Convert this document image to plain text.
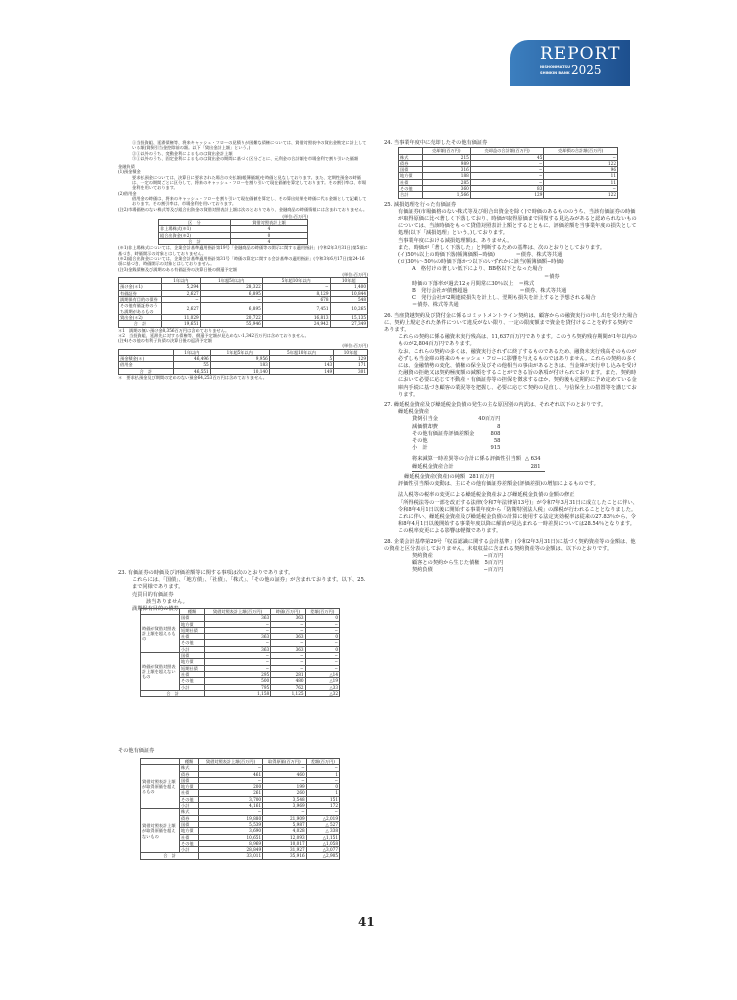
REPORT
NISHONMATSU
SHINKIN BANK 2025

①当投資組、延滞債権等、将来キャッシュ・フローの見積りが困難な債権については、貸借対照表中の貸出金勘定に計上している額(貸倒引当金控除前の額。以下「貸出金計上額」という。)

②①以外のうち、変動金利によるものは貸出金計上額

③①以外のうち、固定金利によるものは貸出金の期間に基づく区分ごとに、元利金の合計額を市場金利で割り引いた価額

金融負債

(1)預金積金

要求払預金については、決算日に要求された場合の支払額(帳簿価額)を時価と見なしております。また、定期性預金の時価は、一定の期間ごとに区分して、将来のキャッシュ・フローを割り引いて現在価値を算定しております。その割引率は、市場金利を用いております。

(2)借用金

借用金の時価は、将来のキャッシュ・フローを割り引いて現在価値を算定し、その算出結果を時価に代る金額として記載しております。その割引率は、市場金利を用いております。

(注2)市場価格のない株式等及び組合出資金の貸借対照表計上額は次のとおりであり、金融商品の時価情報には含まれておりません。

(単位:百万円)
区　分	貸借対照表計上額
非上場株式(※1)	4
組合出資金(※2)	0
合　計	4

(※1)非上場株式については、企業会計基準適用指針第19号「金融商品の時価等の開示に関する適用指針」(令和2年3月31日)第5項に基づき、時価開示の対象とはしておりません。

(※2)組合出資金については、企業会計基準適用指針第31号「時価の算定に関する会計基準の適用指針」(令和3年6月17日)第24-16項に基づき、時価開示の対象とはしておりません。

(注3)金銭債権及び満期のある有価証券の決算日後の償還予定額

(単位:百万円)
	1年以内	1年超5年以内	5年超10年以内	10年超
預け金(＊1)	5,294	28,322	−	1,400
有価証券	2,627	6,895	8,129	10,844
満期保有目的の債券	−	−	678	548
その他有価証券のうち満期があるもの	2,627	6,895	7,451	10,265
貸出金(＊2)	11,029	20,722	16,813	15,135
合　計	19,651	55,946	24,942	27,349

＊1　満期の無い預け金8,356百万円は含めておりません。

＊2　当投資組、延滞先に対する債権等、償還予定額が見込めない1,342百万円は含めておりません。

(注4)その他の有利子負債の決算日後の返済予定額

(単位:百万円)
	1年以内	1年超5年以内	5年超10年以内	10年超
預金積金(＊)	46,496	9,956	5	129
借用金	55	183	143	171
合　計	46,551	10,140	149	301

＊　要求払預金及び期間の定めのない預金64,253百万円は含めておりません。

23. 有価証券の時価及び評価差額等に関する事項は次のとおりであります。

これらには、「国債」、「地方債」、「社債」、「株式」、「その他の証券」が含まれております。以下、25.まで同様であります。

売買目的有価証券

該当ありません。

満期保有目的の債券

		種類	貸借対照表計上額(百万円)	時価(百万円)	差額(百万円)
時価が貸借対照表計上額を超えるもの	国債	363	363	0
	地方債	−	−	−
	短期社債	−	−	−
	社債	363	363	0
	その他	−	−	−
	小計	363	363	0
時価が貸借対照表計上額を超えないもの	国債	−	−	−
	地方債	−	−	−
	短期社債	−	−	−
	社債	295	281	△14
	その他	500	480	△19
	小計	795	762	△33
合　計		1,158	1,125	△32
その他有価証券
	種類	貸借対照表計上額(百万円)	取得原価(百万円)	差額(百万円)
貸借対照表計上額が取得原価を超えるもの	株式	−	−	−
	債券	461	460	1
	国債	−	−	−
	地方債	200	199	0
	社債	261	260	1
	その他	3,700	3,548	151
	小計	4,161	3,969	172
貸借対照表計上額が取得原価を超えないもの	株式	−	−	−
	債券	19,880	21,909	△2,019
	国債	5,539	5,987	△ 527
	地方債	3,690	4,028	△ 338
	社債	10,651	12,093	△1,151
	その他	8,969	10,017	△1,058
	小計	28,849	31,927	△3,077
合　計		33,011	35,916	△2,905

24. 当事業年度中に売却したその他有価証券

	売却額(百万円)	売却益の合計額(百万円)	売却損の合計額(百万円)
株式	215	45	−
債券	989	−	122
国債	316	−	96
地方債	188	−	11
社債	285	−	11
その他	360	83	−
合計	1,566	129	122

25. 減損処理を行った有価証券

有価証券(市場価格のない株式等及び組合出資金を除く)で時価のあるもののうち、当該有価証券の時価が取得原価に比べ著しく下落しており、時価が取得原価まで回復する見込みがあると認められないものについては、当該時価をもって貸借対照表計上額とするとともに、評価差額を当事業年度の損失として処理(以下「減損処理」という。)しております。

当事業年度における減損処理額は、ありません。

また、時価が「著しく下落した」と判断するための基準は、次のとおりとしております。

(イ)50％以上の時価下落(帳簿価額−時価)　　　　＝債券、株式等共通

(ロ)30％～50％の時価下落かつ以下のいずれかに該当(帳簿価額−時価)

A　格付けの著しい低下により、BB格以下となった場合

＝債券

時価の下落率が過去12ヵ月間常に30％以上　＝株式

B　発行会社が債務超過　　　　　　　　　　＝債券、株式等共通

C　発行会社が2期連続損失を計上し、翌期も損失を計上すると予想される場合　　　　　　　　　　　　　　＝債券、株式等共通

26. 当座貸越契約及び貸付金に係るコミットメントライン契約は、顧客からの融資実行の申し出を受けた場合に、契約上規定された条件について違反がない限り、一定の限度額まで資金を貸付けることを約する契約であります。

これらの契約に係る融資未実行残高は、11,637百万円であります。このうち契約残存期間が1年以内のものが2,804百万円であります。

なお、これらの契約の多くは、融資実行されずに終了するものであるため、融資未実行残高そのものが必ずしも当金庫の将来のキャッシュ・フローに影響を与えるものではありません。これらの契約の多くには、金融情勢の変化、債権の保全及びその他相当の事由があるときは、当金庫が実行申し込みを受けた融資の拒絶又は契約極度額の減額をすることができる旨の条項が付けられております。また、契約時において必要に応じて不動産・有価証券等の担保を徴求するほか、契約後も定期的に予め定めている金庫内手続に基づき顧客の業況等を把握し、必要に応じて契約の見直し、与信保全上の措置等を講じております。

27. 繰延税金資産及び繰延税金負債の発生の主な原因別の内訳は、それぞれ以下のとおりです。

繰延税金資産

貸倒引当金	40百万円
減価償却費	8
その他有価証券評価差額金	808
その他	58
小　計	915
将来減算一時差異等の合計に係る評価性引当額	△ 634
繰延税金資産合計	281
繰延税金資産(資産)の純額	281百万円

評価性引当額の変動は、主にその他有価証券差額金(評価差損)の増加によるものです。

法人税等の税率の変更による繰延税金資産および繰延税金負債の金額の修正

「所得税法等の一部を改正する法律(令和7年法律第13号)」が令和7年3月31日に成立したことに伴い、令和8年4月1日以後に開始する事業年度から「防衛特別法人税」の課税が行われることとなりました。これに伴い、繰延税金資産及び繰延税金負債の計算に使用する法定実効税率は従来の27.83％から、令和8年4月1日以後開始する事業年度以降に解消が見込まれる一時差異については28.54％となります。この税率変更による影響は軽微であります。

28. 企業会計基準第29号「収益認識に関する会計基準」(令和2年3月31日)に基づく契約資産等の金額は、他の資産と区分表示しておりません。未収収益に含まれる契約資産等の金額は、以下のとおりです。

契約資産	−百万円
顧客との契約から生じた債権	5百万円
契約負債	−百万円
41
